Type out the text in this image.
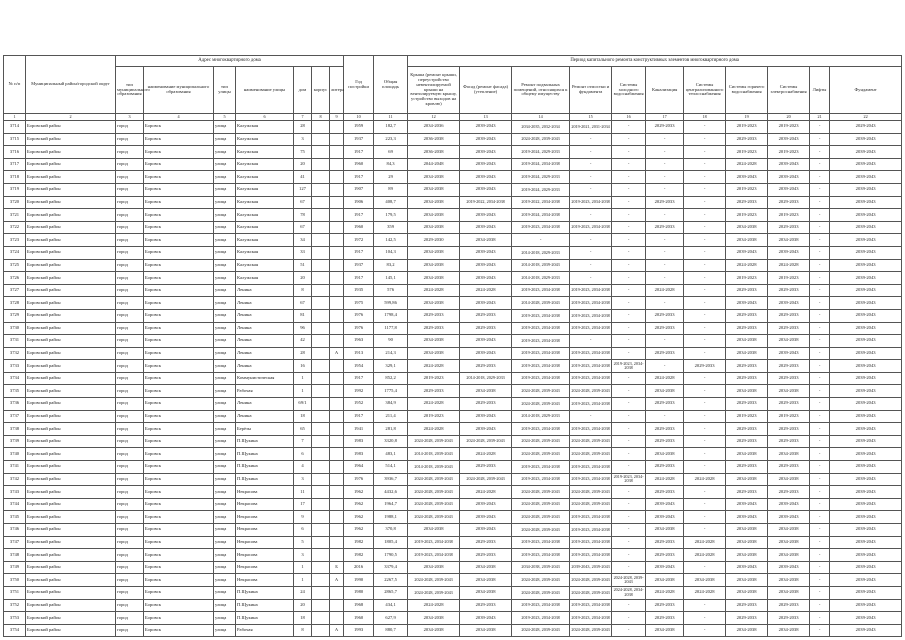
№ п/п	Муниципальный район/городской округ	Адрес многоквартирного дома							Год постройки	Общая площадь	Период капитального ремонта конструктивных элементов многоквартирного дома										
		тип муниципального образования	наименование муниципального образования	тип улицы	наименование улицы	дом	корпус	литера			Крыша (ремонт крыши, переустройство невентилируемой крыши на вентилируемую крышу, устройство выходов на кровлю)	Фасад (ремонт фасада) (утепление)	Ремонт подвальных помещений, относящихся к общему имуществу	Ремонт отмостки и фундамента	Системы холодного водоснабжения	Канализация	Системы централизованного теплоснабжения	Системы горячего водоснабжения	Системы электроснабжения	Лифты	Фундамент
1	2	3	4	5	6	7	8	9	10	11	12	13	14	15	16	17	18	19	20	21	22
3714	Боровский район	город	Боровск	улица	Калужская	28			1959	182,7	2034-2036	2039-2043	2034-2035, 2032-2034	2019-2021, 2031-2034	-	2029-2033	-	2019-2023	2019-2023	-	2029-2043
3715	Боровский район	город	Боровск	улица	Калужская	3			1937	223,3	2036-2038	2039-2043	2024-2028, 2039-2043	-	-	-	-	2029-2033	2039-2043	-	2039-2043
3716	Боровский район	город	Боровск	улица	Калужская	75			1917	69	2036-2038	2039-2043	2019-2024, 2029-2033	-	-	-	-	2019-2023	2019-2023	-	2039-2043
3717	Боровский район	город	Боровск	улица	Калужская	20			1960	84,3	2044-2048	2039-2043	2019-2024, 2034-2038	-	-	-	-	2024-2028	2039-2043	-	2039-2043
3718	Боровский район	город	Боровск	улица	Калужская	41			1917	29	2034-2038	2039-2043	2019-2024, 2029-2033	-	-	-	-	2039-2043	2039-2043	-	2039-2043
3719	Боровский район	город	Боровск	улица	Калужская	127			1907	89	2034-2038	2039-2043	2019-2024, 2029-2033	-	-	-	-	2019-2023	2039-2043	-	2039-2043
3720	Боровский район	город	Боровск	улица	Калужская	67			1906	408,7	2034-2038	2019-2022, 2034-2038	2019-2022, 2034-2038	2019-2023, 2034-2038	-	2029-2033	-	2029-2033	2029-2033	-	2039-2043
3721	Боровский район	город	Боровск	улица	Калужская	78			1917	179,5	2034-2038	2039-2043	2019-2024, 2034-2038	-	-	-	-	2019-2023	2019-2023	-	2039-2043
3722	Боровский район	город	Боровск	улица	Калужская	67			1960	359	2034-2038	2039-2043	2019-2023, 2034-2038	2019-2023, 2034-2038	-	2029-2033	-	2034-2038	2029-2033	-	2039-2043
3723	Боровский район	город	Боровск	улица	Калужская	34			1972	142,5	2029-2030	2034-2038	-	-	-	-	-	2034-2038	2034-2038	-	2039-2043
3724	Боровский район	город	Боровск	улица	Калужская	33			1917	104,3	2034-2038	2039-2043	2014-2018, 2029-2033	-	-	-	-	2039-2043	2039-2043	-	2039-2043
3725	Боровский район	город	Боровск	улица	Калужская	51			1937	83,2	2034-2038	2039-2043	2014-2018, 2039-2043	-	-	-	-	2024-2028	2024-2028	-	2039-2043
3726	Боровский район	город	Боровск	улица	Калужская	20			1917	145,1	2034-2038	2039-2043	2014-2018, 2029-2033	-	-	-	-	2019-2023	2019-2023	-	2039-2043
3727	Боровский район	город	Боровск	улица	Ленина	8			1935	576	2024-2028	2024-2028	2019-2023, 2034-2038	2019-2023, 2034-2038	-	2024-2028	-	2029-2033	2029-2033	-	2039-2043
3728	Боровский район	город	Боровск	улица	Ленина	67			1975	599,86	2034-2038	2039-2043	2014-2028, 2039-2043	2019-2023, 2034-2038	-	-	-	2039-2043	2039-2043	-	2039-2043
3729	Боровский район	город	Боровск	улица	Ленина	81			1976	1798,4	2029-2033	2029-2033	2019-2023, 2034-2038	2019-2023, 2034-2038	-	2029-2033	-	2029-2033	2029-2033	-	2039-2043
3730	Боровский район	город	Боровск	улица	Ленина	96			1976	1177,8	2029-2033	2029-2033	2019-2023, 2034-2038	2019-2023, 2034-2038	-	2029-2033	-	2029-2033	2029-2033	-	2039-2043
3731	Боровский район	город	Боровск	улица	Ленина	42			1963	90	2034-2038	2039-2043	2019-2023, 2034-2038	-	-	-	-	2034-2038	2034-2038	-	2039-2043
3732	Боровский район	город	Боровск	улица	Ленина	28		А	1913	214,3	2034-2038	2039-2043	2019-2023, 2034-2038	2019-2023, 2034-2038	-	2029-2033	-	2034-2038	2039-2043	-	2039-2043
3733	Боровский район	город	Боровск	улица	Ленина	16			1954	329,1	2024-2028	2029-2033	2019-2023, 2034-2038	2019-2023, 2034-2038	2019-2023, 2034-2038	-	2029-2033	2029-2033	2029-2033	-	2039-2043
3734	Боровский район	город	Боровск	улица	Коммунистическая	1			1917	852,2	2019-2023	2014-2018, 2029-2033	2019-2023, 2034-2038	2019-2023, 2034-2038	-	2024-2028	-	2029-2033	2029-2033	-	2039-2043
3735	Боровский район	город	Боровск	улица	Рабочая	1			1992	1775,4	2029-2033	2034-2038	2024-2028, 2039-2043	2024-2028, 2039-2043	-	2034-2038	-	2034-2038	2034-2038	-	2039-2043
3736	Боровский район	город	Боровск	улица	Ленина	69/1			1952	384,9	2024-2028	2029-2033	2024-2028, 2039-2043	2019-2023, 2034-2038	-	2029-2033	-	2029-2033	2029-2033	-	2039-2043
3737	Боровский район	город	Боровск	улица	Ленина	18			1917	211,4	2019-2023	2039-2043	2014-2018, 2029-2033	-	-	-	-	2019-2023	2019-2023	-	2039-2043
3738	Боровский район	город	Боровск	улица	Берёзы	65			1941	281,8	2024-2028	2039-2043	2019-2023, 2034-2038	2019-2023, 2034-2038	-	2029-2033	-	2029-2033	2029-2033	-	2039-2043
3739	Боровский район	город	Боровск	улица	П.Щукина	7			1983	3320,8	2024-2028, 2039-2043	2024-2028, 2039-2043	2024-2028, 2039-2043	2024-2028, 2039-2043	-	2029-2033	-	2029-2033	2029-2033	-	2039-2043
3740	Боровский район	город	Боровск	улица	П.Щукина	6			1983	483,1	2014-2018, 2039-2043	2024-2028	2024-2028, 2039-2043	2024-2028, 2039-2043	-	2034-2038	-	2034-2038	2034-2038	-	2039-2043
3741	Боровский район	город	Боровск	улица	П.Щукина	4			1964	514,1	2014-2018, 2039-2043	2029-2033	2019-2023, 2034-2038	2019-2023, 2034-2038	-	2029-2033	-	2029-2033	2029-2033	-	2039-2043
3742	Боровский район	город	Боровск	улица	П.Щукина	3			1976	3936,7	2024-2028, 2039-2043	2024-2028, 2039-2043	2019-2023, 2034-2038	2019-2023, 2034-2038	2019-2023, 2034-2038	2024-2028	2024-2028	2034-2038	2034-2038	-	2039-2043
3743	Боровский район	город	Боровск	улица	Некрасова	11			1962	4432,6	2024-2028, 2039-2043	2024-2028	2024-2028, 2039-2043	2024-2028, 2039-2043	-	2029-2033	-	2029-2033	2029-2033	-	2039-2043
3744	Боровский район	город	Боровск	улица	Некрасова	17			1962	1964,7	2024-2028, 2039-2043	2039-2043	2024-2028, 2039-2043	2024-2028, 2039-2043	-	2039-2043	-	2039-2043	2039-2043	-	2039-2043
3745	Боровский район	город	Боровск	улица	Некрасова	9			1962	1988,1	2024-2028, 2039-2043	2039-2043	2024-2028, 2039-2043	2019-2023, 2034-2038	-	2039-2043	-	2039-2043	2039-2043	-	2039-2043
3746	Боровский район	город	Боровск	улица	Некрасова	6			1962	370,8	2034-2038	2039-2043	2024-2028, 2039-2043	2019-2023, 2034-2038	-	2034-2038	-	2034-2038	2034-2038	-	2039-2043
3747	Боровский район	город	Боровск	улица	Некрасова	5			1982	1805,4	2019-2023, 2034-2038	2029-2033	2019-2023, 2034-2038	2019-2023, 2034-2038	-	2029-2033	2024-2028	2034-2038	2034-2038	-	2039-2043
3748	Боровский район	город	Боровск	улица	Некрасова	3			1982	1790,5	2019-2023, 2034-2038	2029-2033	2019-2023, 2034-2038	2019-2023, 2034-2038	-	2029-2033	2024-2028	2034-2038	2034-2038	-	2039-2043
3749	Боровский район	город	Боровск	улица	Некрасова	1		Б	2016	3379,4	2034-2038	2034-2038	2034-2038, 2039-2043	2039-2043, 2039-2043	-	2039-2043	-	2039-2043	2039-2043	-	2039-2043
3750	Боровский район	город	Боровск	улица	Некрасова	1		А	1990	2267,5	2024-2028, 2039-2043	2034-2038	2024-2028, 2039-2043	2024-2028, 2039-2043	2024-2028, 2039-2043	2034-2038	2034-2038	2034-2038	2034-2038	-	2039-2043
3751	Боровский район	город	Боровск	улица	П.Щукина	24			1980	2865,7	2024-2028, 2039-2043	2034-2038	2024-2028, 2039-2043	2024-2028, 2039-2043	2024-2028, 2034-2038	2024-2028	2024-2028	2034-2038	2034-2038	-	2039-2043
3752	Боровский район	город	Боровск	улица	П.Щукина	20			1968	434,1	2024-2028	2029-2033	2019-2023, 2034-2038	2019-2023, 2034-2038	-	2029-2033	-	2029-2033	2029-2033	-	2039-2043
3753	Боровский район	город	Боровск	улица	П.Щукина	18			1960	627,9	2034-2038	2039-2043	2019-2023, 2034-2038	2019-2023, 2034-2038	-	2029-2033	-	2029-2033	2029-2033	-	2039-2043
3754	Боровский район	город	Боровск	улица	Рабочая	8		А	1993	880,7	2034-2038	2034-2038	2024-2028, 2039-2043	2024-2028, 2039-2043	-	2034-2038	-	2034-2038	2034-2038	-	2039-2043
